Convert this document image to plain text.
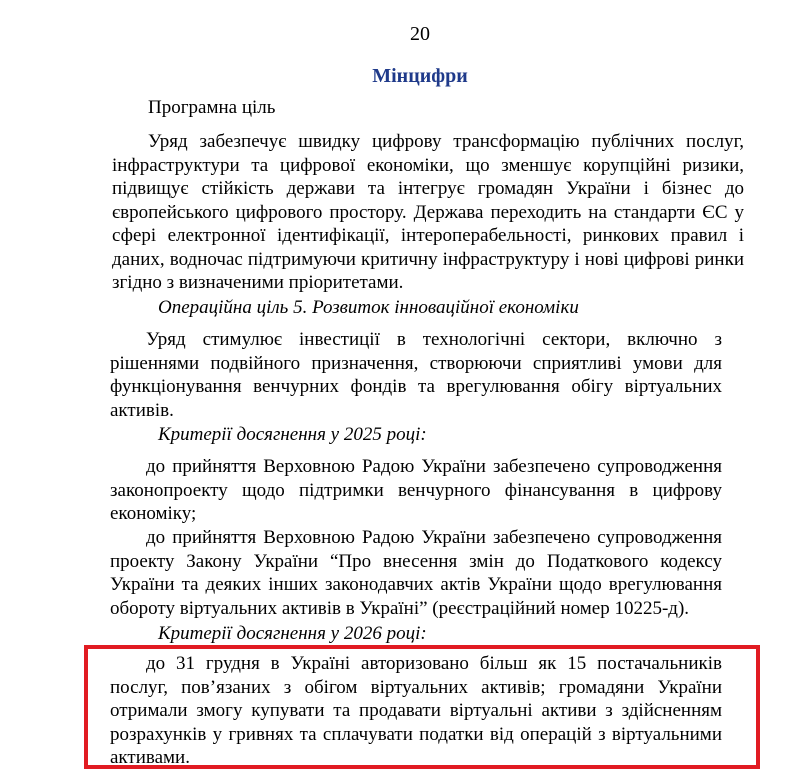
20
Мінцифри
Програмна ціль

Уряд забезпечує швидку цифрову трансформацію публічних послуг, інфраструктури та цифрової економіки, що зменшує корупційні ризики, підвищує стійкість держави та інтегрує громадян України і бізнес до європейського цифрового простору. Держава переходить на стандарти ЄС у сфері електронної ідентифікації, інтероперабельності, ринкових правил і даних, водночас підтримуючи критичну інфраструктуру і нові цифрові ринки згідно з визначеними пріоритетами.

Операційна ціль 5. Розвиток інноваційної економіки

Уряд стимулює інвестиції в технологічні сектори, включно з рішеннями подвійного призначення, створюючи сприятливі умови для функціонування венчурних фондів та врегулювання обігу віртуальних активів.

Критерії досягнення у 2025 році:

до прийняття Верховною Радою України забезпечено супроводження законопроекту щодо підтримки венчурного фінансування в цифрову економіку;

до прийняття Верховною Радою України забезпечено супроводження проекту Закону України “Про внесення змін до Податкового кодексу України та деяких інших законодавчих актів України щодо врегулювання обороту віртуальних активів в Україні” (реєстраційний номер 10225-д).

Критерії досягнення у 2026 році:

до 31 грудня в Україні авторизовано більш як 15 постачальників послуг, пов’язаних з обігом віртуальних активів; громадяни України отримали змогу купувати та продавати віртуальні активи з здійсненням розрахунків у гривнях та сплачувати податки від операцій з віртуальними активами.
